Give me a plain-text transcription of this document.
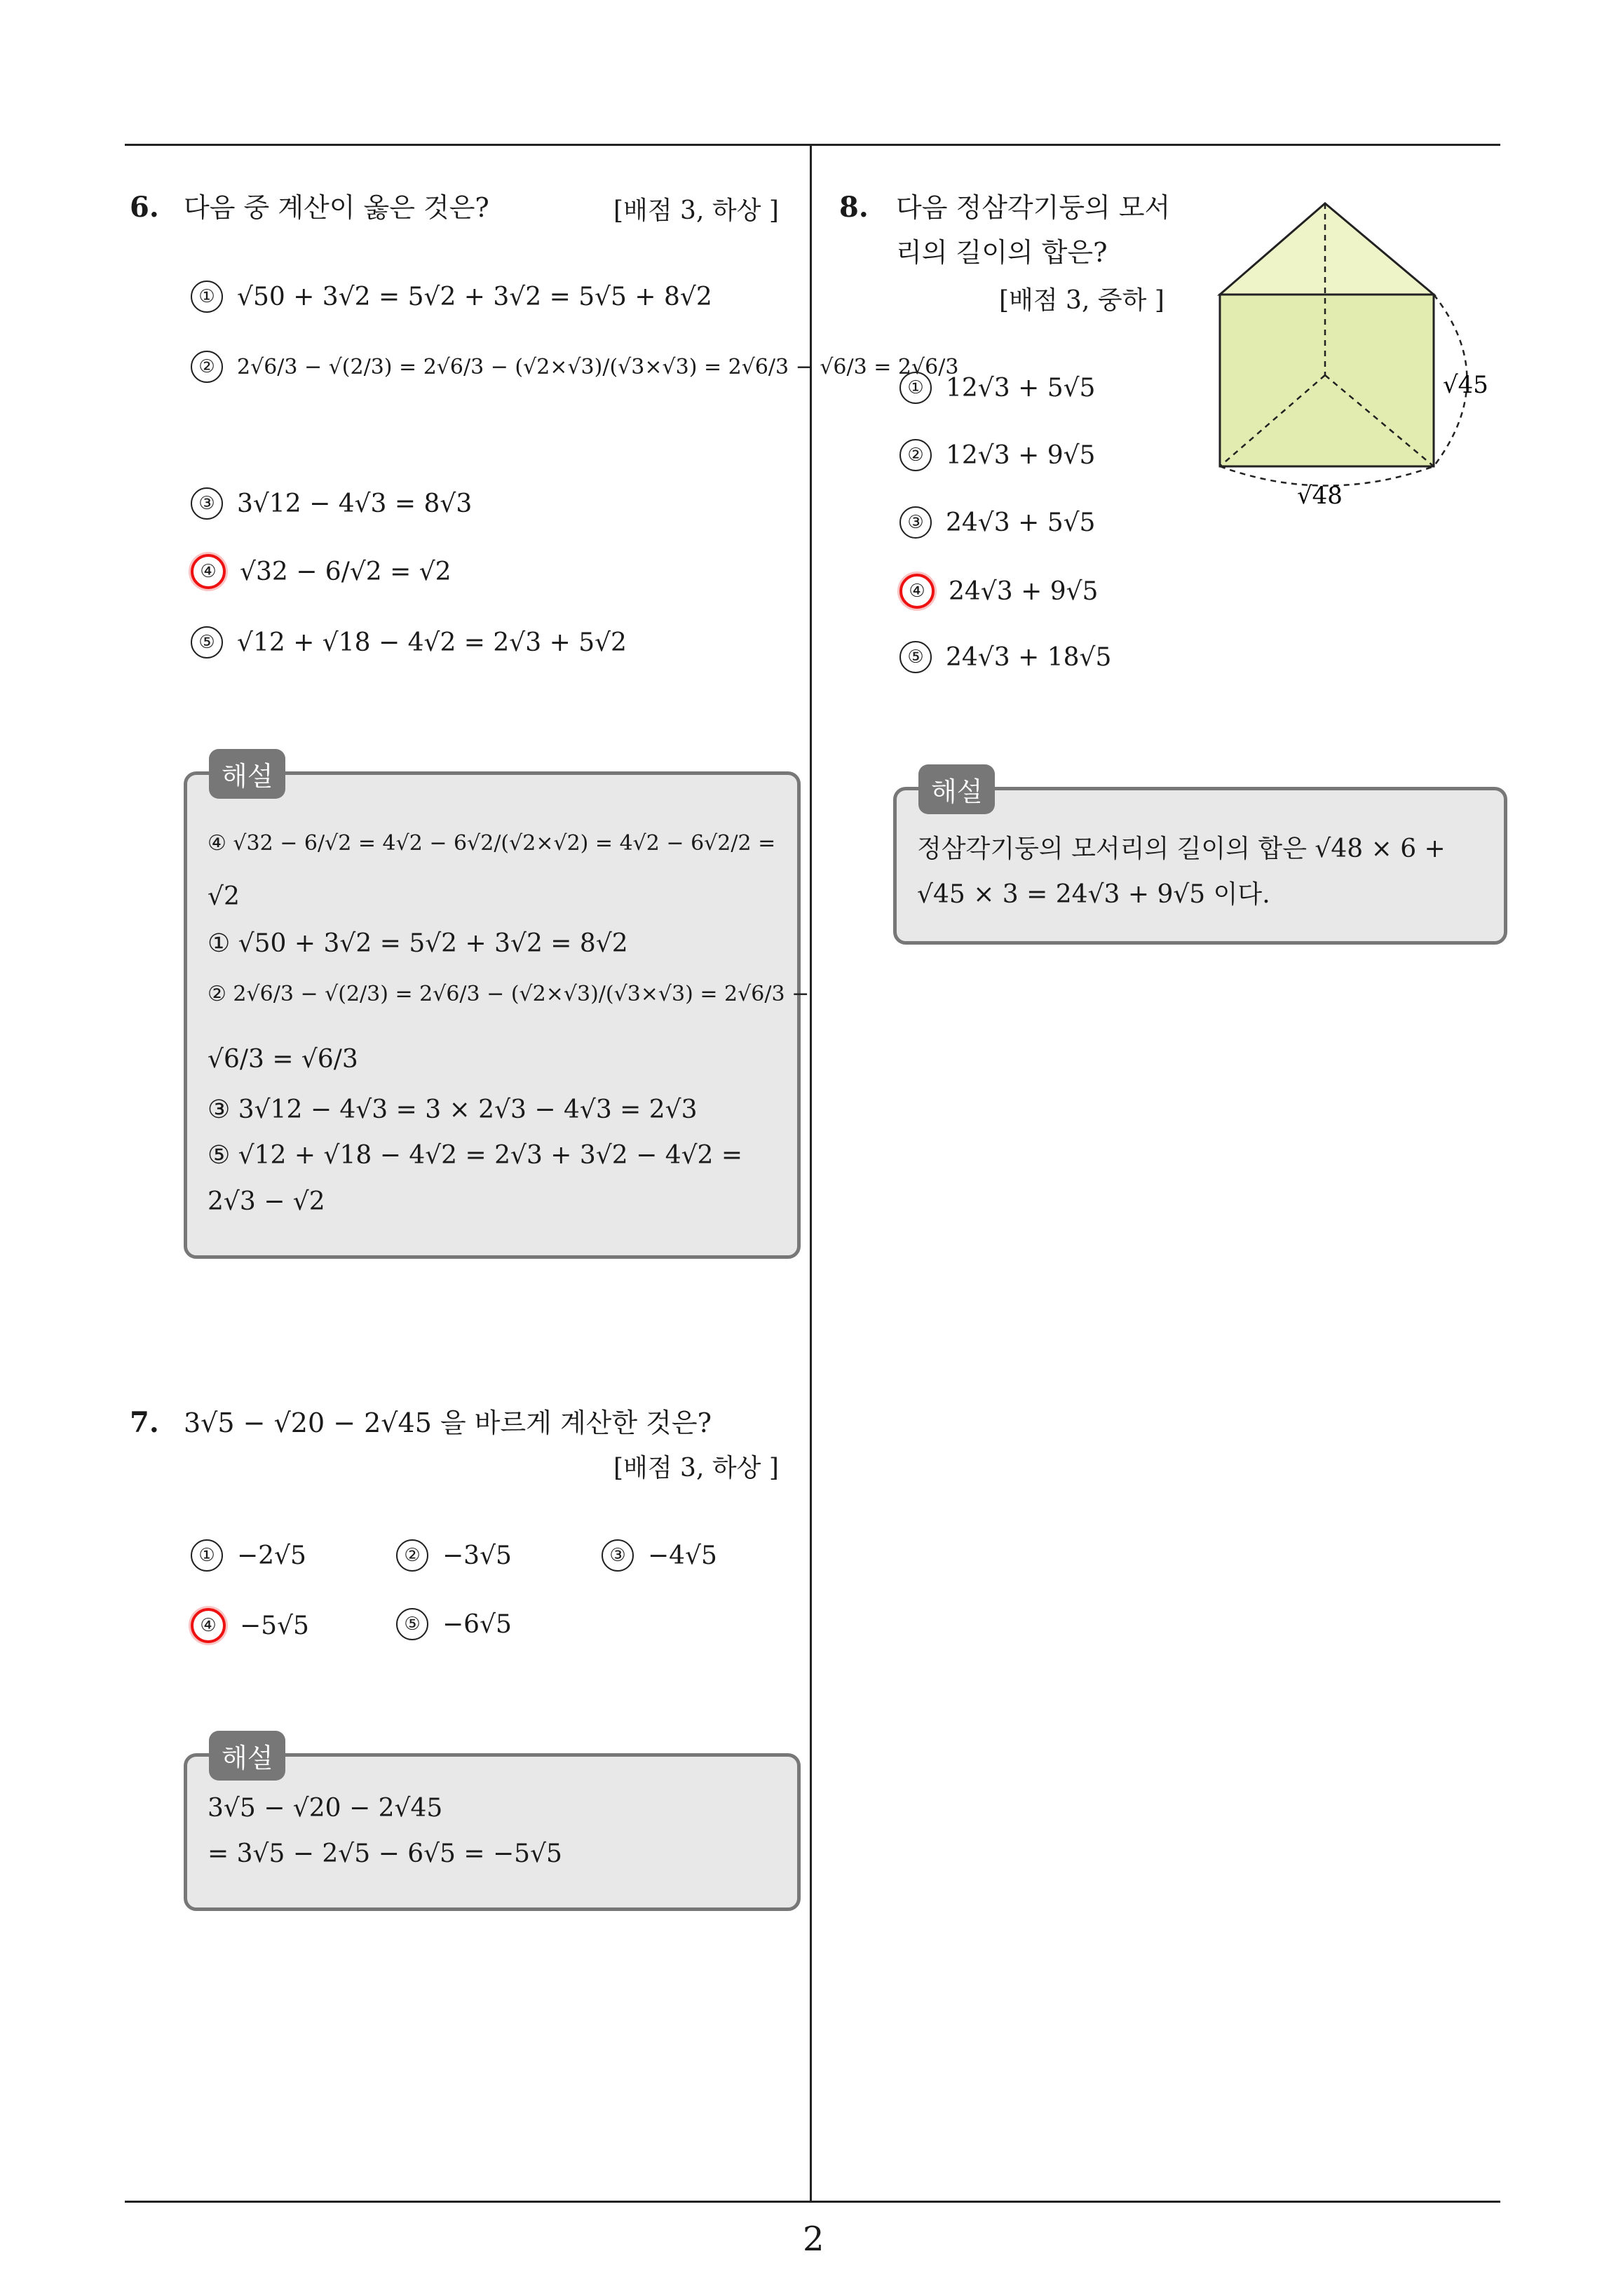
6. 다음 중 계산이 옳은 것은?	[배점 3, 하상 ]
① √50 + 3√2 = 5√2 + 3√2 = 5√5 + 8√2
②	2√6/3 − √(2/3) = 2√6/3 − (√2×√3)/(√3×√3) = 2√6/3 − √6/3 = 2√6/3
③ 3√12 − 4√3 = 8√3
④ √32 − 6/√2 = √2
⑤ √12 + √18 − 4√2 = 2√3 + 5√2
해설
④ √32 − 6/√2 = 4√2 − 6√2/(√2×√2) = 4√2 − 6√2/2 =
√2
① √50 + 3√2 = 5√2 + 3√2 = 8√2
② 2√6/3 − √(2/3) = 2√6/3 − (√2×√3)/(√3×√3) = 2√6/3 −
√6/3 = √6/3
③ 3√12 − 4√3 = 3 × 2√3 − 4√3 = 2√3
⑤ √12 + √18 − 4√2 = 2√3 + 3√2 − 4√2 =
2√3 − √2
7. 3√5 − √20 − 2√45 을 바르게 계산한 것은?
[배점 3, 하상 ]
① −2√5	② −3√5	③ −4√5
④ −5√5	⑤ −6√5
해설
3√5 − √20 − 2√45
= 3√5 − 2√5 − 6√5 = −5√5
8. 다음 정삼각기둥의 모서
리의 길이의 합은?
[배점 3, 중하 ]
① 12√3 + 5√5
② 12√3 + 9√5
③ 24√3 + 5√5
④ 24√3 + 9√5
⑤ 24√3 + 18√5
√45
√48
해설
정삼각기둥의 모서리의 길이의 합은 √48 × 6 +
√45 × 3 = 24√3 + 9√5 이다.
2
